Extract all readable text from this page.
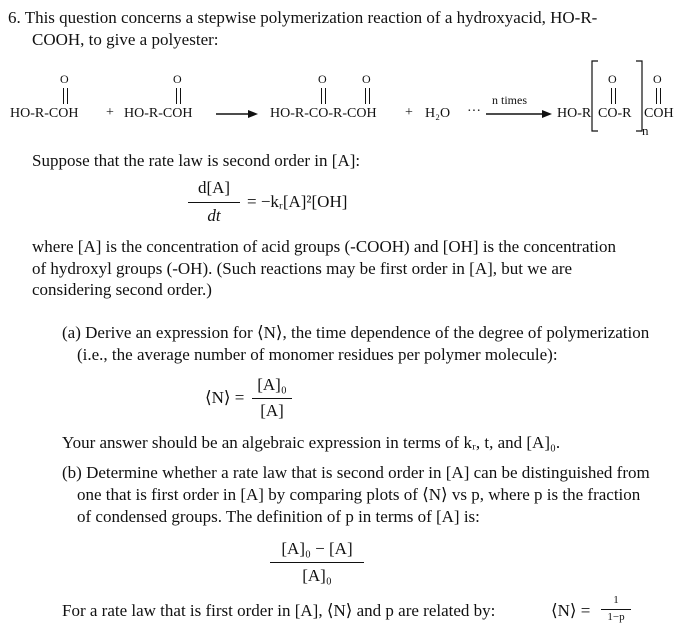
6. This question concerns a stepwise polymerization reaction of a hydroxyacid, HO-R-
COOH, to give a polyester:
O
HO-R-COH +
O
HO-R-COH →
O	O
HO-R-CO-R-COH + H₂O ···
n times
HO-R
O
CO-R
n
O
COH
Suppose that the rate law is second order in [A]:
d[A]
dt
= −kᵣ[A]²[OH]
where [A] is the concentration of acid groups (-COOH) and [OH] is the concentration
of hydroxyl groups (-OH). (Such reactions may be first order in [A], but we are
considering second order.)
(a) Derive an expression for ⟨N⟩, the time dependence of the degree of polymerization
(i.e., the average number of monomer residues per polymer molecule):
⟨N⟩ =
[A]₀
[A]
Your answer should be an algebraic expression in terms of kᵣ, t, and [A]₀.
(b) Determine whether a rate law that is second order in [A] can be distinguished from
one that is first order in [A] by comparing plots of ⟨N⟩ vs p, where p is the fraction
of condensed groups. The definition of p in terms of [A] is:
[A]₀ − [A]
[A]₀
For a rate law that is first order in [A], ⟨N⟩ and p are related by:	⟨N⟩ =
1
1−p
